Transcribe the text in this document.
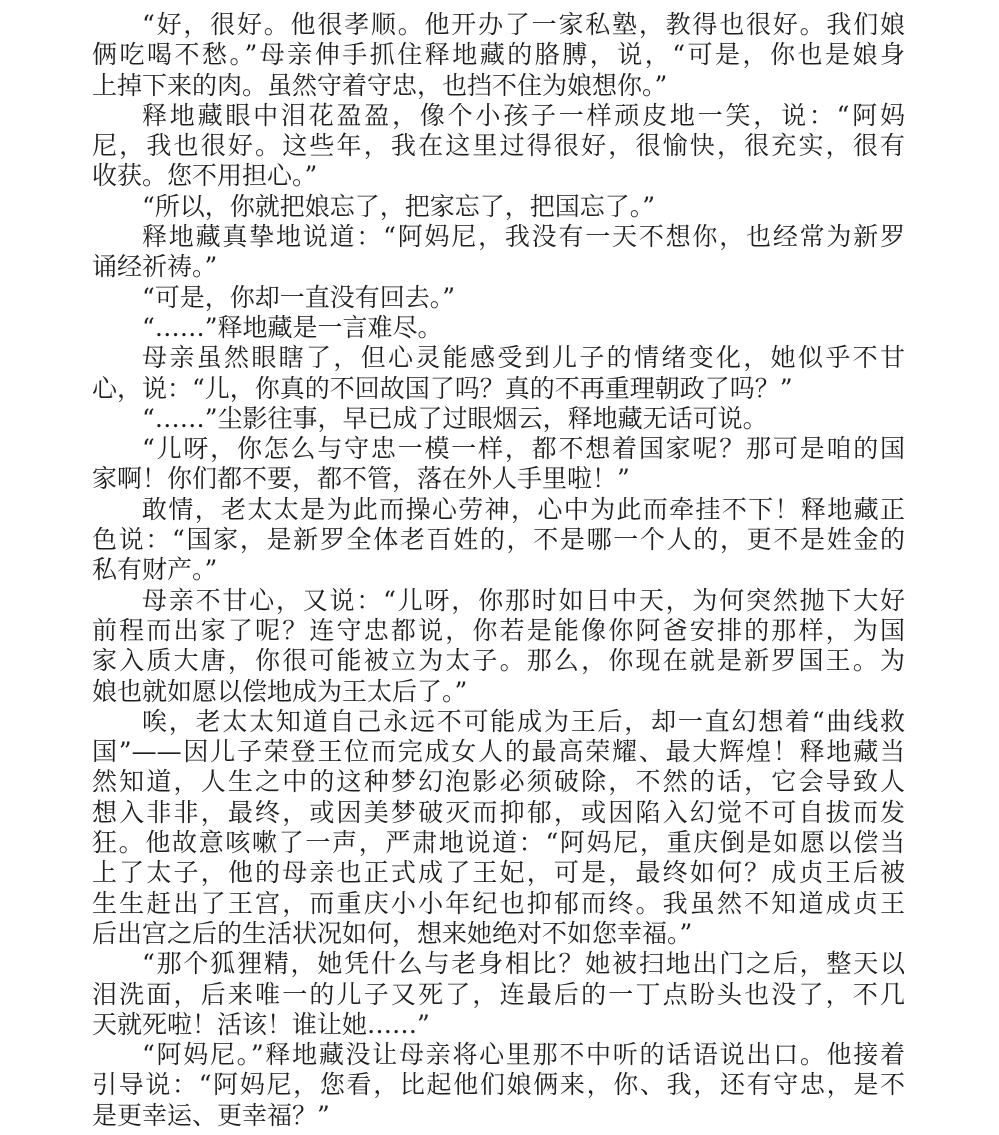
“好，很好。他很孝顺。他开办了一家私塾，教得也很好。我们娘
俩吃喝不愁。”母亲伸手抓住释地藏的胳膊，说，“可是，你也是娘身
上掉下来的肉。虽然守着守忠，也挡不住为娘想你。”
释地藏眼中泪花盈盈，像个小孩子一样顽皮地一笑，说：“阿妈
尼，我也很好。这些年，我在这里过得很好，很愉快，很充实，很有
收获。您不用担心。”
“所以，你就把娘忘了，把家忘了，把国忘了。”
释地藏真挚地说道：“阿妈尼，我没有一天不想你，也经常为新罗
诵经祈祷。”
“可是，你却一直没有回去。”
“……”释地藏是一言难尽。
母亲虽然眼瞎了，但心灵能感受到儿子的情绪变化，她似乎不甘
心，说：“儿，你真的不回故国了吗？真的不再重理朝政了吗？”
“……”尘影往事，早已成了过眼烟云，释地藏无话可说。
“儿呀，你怎么与守忠一模一样，都不想着国家呢？那可是咱的国
家啊！你们都不要，都不管，落在外人手里啦！”
敢情，老太太是为此而操心劳神，心中为此而牵挂不下！释地藏正
色说：“国家，是新罗全体老百姓的，不是哪一个人的，更不是姓金的
私有财产。”
母亲不甘心，又说：“儿呀，你那时如日中天，为何突然抛下大好
前程而出家了呢？连守忠都说，你若是能像你阿爸安排的那样，为国
家入质大唐，你很可能被立为太子。那么，你现在就是新罗国王。为
娘也就如愿以偿地成为王太后了。”
唉，老太太知道自己永远不可能成为王后，却一直幻想着“曲线救
国”——因儿子荣登王位而完成女人的最高荣耀、最大辉煌！释地藏当
然知道，人生之中的这种梦幻泡影必须破除，不然的话，它会导致人
想入非非，最终，或因美梦破灭而抑郁，或因陷入幻觉不可自拔而发
狂。他故意咳嗽了一声，严肃地说道：“阿妈尼，重庆倒是如愿以偿当
上了太子，他的母亲也正式成了王妃，可是，最终如何？成贞王后被
生生赶出了王宫，而重庆小小年纪也抑郁而终。我虽然不知道成贞王
后出宫之后的生活状况如何，想来她绝对不如您幸福。”
“那个狐狸精，她凭什么与老身相比？她被扫地出门之后，整天以
泪洗面，后来唯一的儿子又死了，连最后的一丁点盼头也没了，不几
天就死啦！活该！谁让她……”
“阿妈尼。”释地藏没让母亲将心里那不中听的话语说出口。他接着
引导说：“阿妈尼，您看，比起他们娘俩来，你、我，还有守忠，是不
是更幸运、更幸福？”
